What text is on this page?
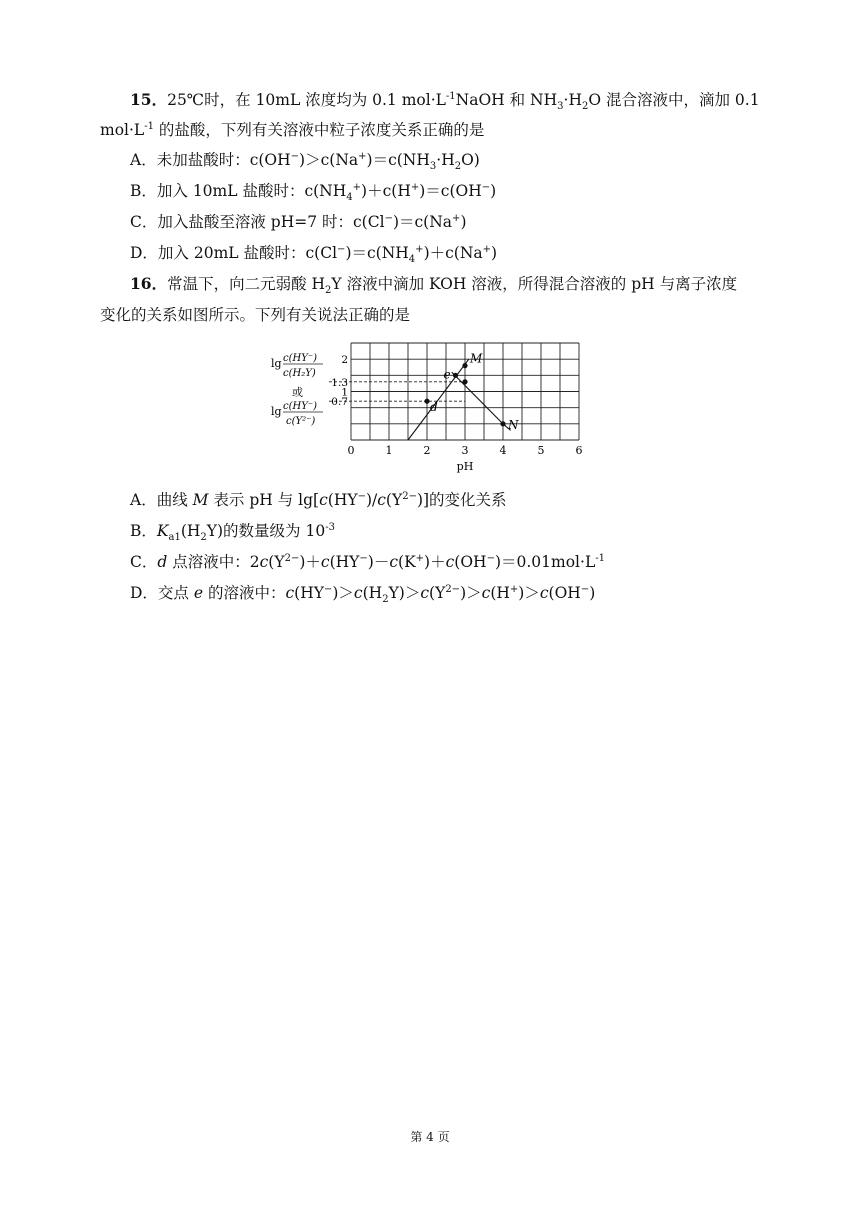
15．25℃时，在 10mL 浓度均为 0.1 $mol\cdot L^{-1}NaOH$ 和 $NH_3\cdot H_2O$ 混合溶液中，滴加 0.1
$mol\cdot L^{-1}$ 的盐酸，下列有关溶液中粒子浓度关系正确的是
A．未加盐酸时：$c(OH^-)>c(Na^+)=c(NH_3\cdot H_2O)$
B．加入 10mL 盐酸时：$c(NH_4^+)+c(H^+)=c(OH^-)$
C．加入盐酸至溶液 pH=7 时：c(Cl−)＝c(Na+)
D．加入 20mL 盐酸时：$c(Cl^-)=c(NH_4^+)+c(Na^+)$
16．常温下，向二元弱酸 $H_2Y$ 溶液中滴加 KOH 溶液，所得混合溶液的 pH 与离子浓度
变化的关系如图所示。下列有关说法正确的是
M
e
d
N
0	1	2	3	4	5	6
2
1.3
1
0.7
lg c(HY⁻)
c(H₂Y)
或
lg c(HY⁻)
c(Y²⁻)
pH
A．曲线 M 表示 pH 与 $\lg[c(HY^-)/c(Y^{2-})]$的变化关系
B．$K_{a1}(H_2Y)$的数量级为 $10^{-3}$
C．d 点溶液中：$2c(Y^{2-})+c(HY^-)-c(K^+)+c(OH^-)=0.01mol\cdot L^{-1}$
D．交点 e 的溶液中：$c(HY^-)>c(H_2Y)>c(Y^{2-})>c(H^+)>c(OH^-)$
第 4 页
